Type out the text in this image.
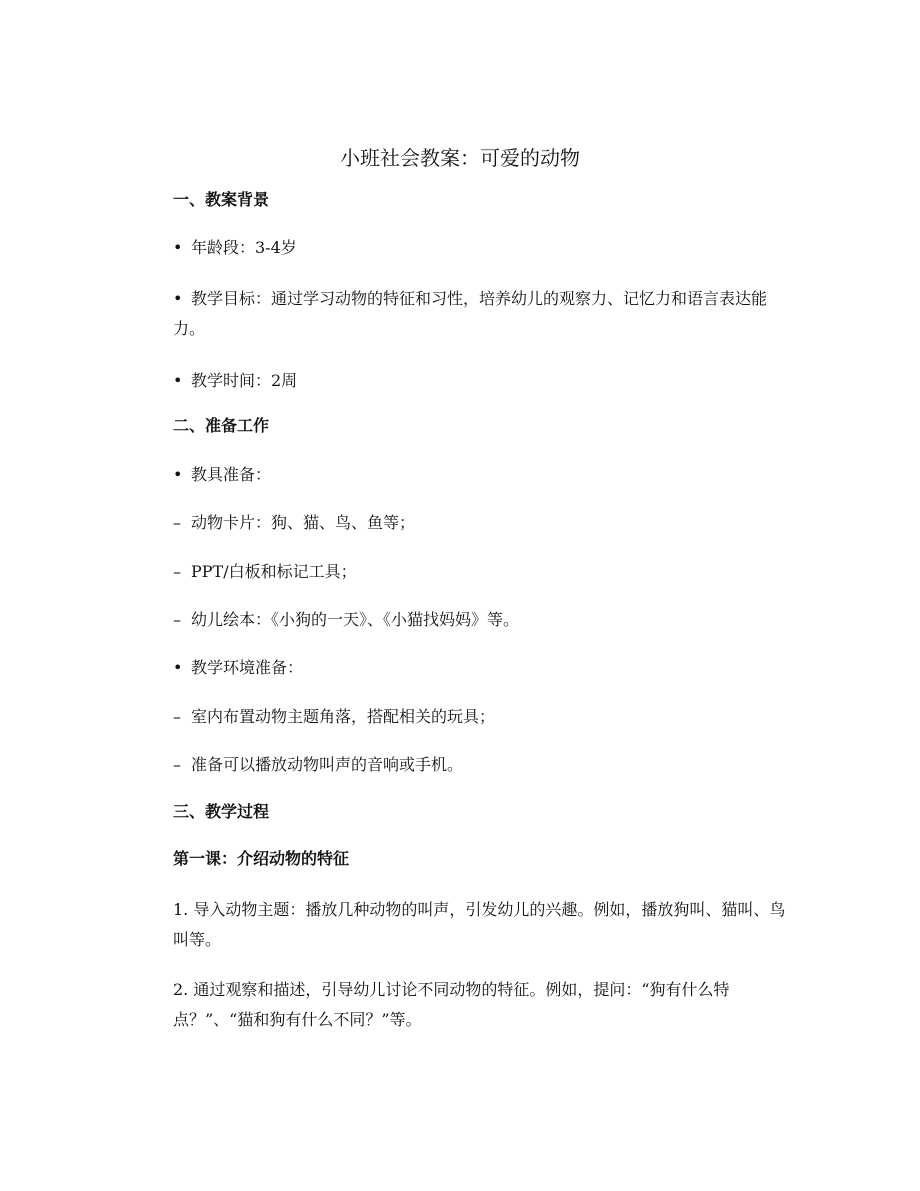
小班社会教案：可爱的动物
一、教案背景

• 年龄段：3-4岁

• 教学目标：通过学习动物的特征和习性，培养幼儿的观察力、记忆力和语言表达能力。

• 教学时间：2周

二、准备工作

• 教具准备：

– 动物卡片：狗、猫、鸟、鱼等；

– PPT/白板和标记工具；

– 幼儿绘本：《小狗的一天》、《小猫找妈妈》等。

• 教学环境准备：

– 室内布置动物主题角落，搭配相关的玩具；

– 准备可以播放动物叫声的音响或手机。

三、教学过程
第一课：介绍动物的特征

1. 导入动物主题：播放几种动物的叫声，引发幼儿的兴趣。例如，播放狗叫、猫叫、鸟叫等。

2. 通过观察和描述，引导幼儿讨论不同动物的特征。例如，提问：“狗有什么特点？”、“猫和狗有什么不同？”等。
